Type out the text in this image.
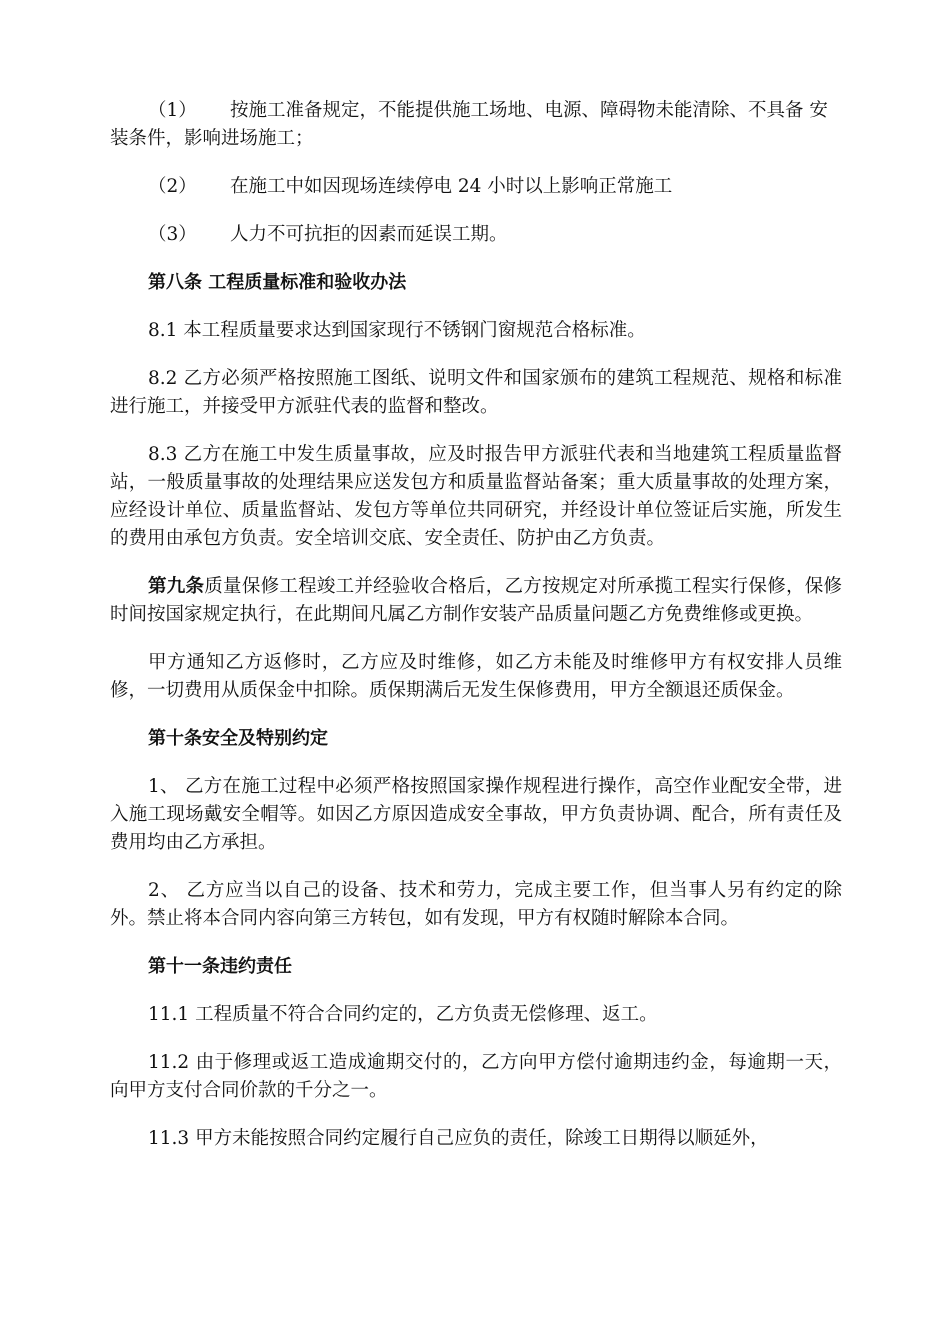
（1） 按施工准备规定，不能提供施工场地、电源、障碍物未能清除、不具备 安装条件，影响进场施工；

（2） 在施工中如因现场连续停电 24 小时以上影响正常施工

（3） 人力不可抗拒的因素而延误工期。

第八条 工程质量标准和验收办法

8.1 本工程质量要求达到国家现行不锈钢门窗规范合格标准。

8.2 乙方必须严格按照施工图纸、说明文件和国家颁布的建筑工程规范、规格和标准进行施工，并接受甲方派驻代表的监督和整改。

8.3 乙方在施工中发生质量事故，应及时报告甲方派驻代表和当地建筑工程质量监督站，一般质量事故的处理结果应送发包方和质量监督站备案；重大质量事故的处理方案，应经设计单位、质量监督站、发包方等单位共同研究，并经设计单位签证后实施，所发生的费用由承包方负责。安全培训交底、安全责任、防护由乙方负责。

第九条质量保修工程竣工并经验收合格后，乙方按规定对所承揽工程实行保修，保修时间按国家规定执行，在此期间凡属乙方制作安装产品质量问题乙方免费维修或更换。

甲方通知乙方返修时，乙方应及时维修，如乙方未能及时维修甲方有权安排人员维修，一切费用从质保金中扣除。质保期满后无发生保修费用，甲方全额退还质保金。

第十条安全及特别约定

1、 乙方在施工过程中必须严格按照国家操作规程进行操作，高空作业配安全带，进入施工现场戴安全帽等。如因乙方原因造成安全事故，甲方负责协调、配合，所有责任及费用均由乙方承担。

2、 乙方应当以自己的设备、技术和劳力，完成主要工作，但当事人另有约定的除外。禁止将本合同内容向第三方转包，如有发现，甲方有权随时解除本合同。

第十一条违约责任

11.1 工程质量不符合合同约定的，乙方负责无偿修理、返工。

11.2 由于修理或返工造成逾期交付的，乙方向甲方偿付逾期违约金，每逾期一天，向甲方支付合同价款的千分之一。

11.3 甲方未能按照合同约定履行自己应负的责任，除竣工日期得以顺延外，
